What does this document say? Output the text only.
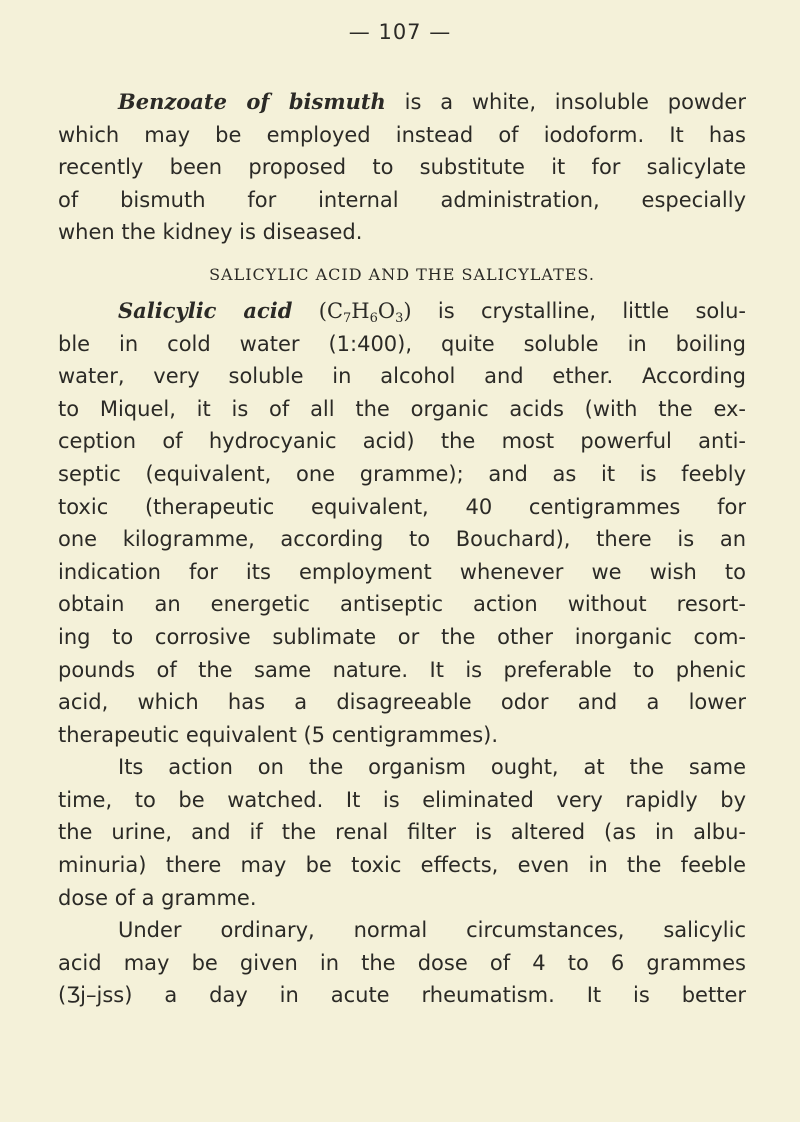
— 107 —
Benzoate of bismuth is a white, insoluble powder
which may be employed instead of iodoform. It has
recently been proposed to substitute it for salicylate
of bismuth for internal administration, especially
when the kidney is diseased.
SALICYLIC ACID AND THE SALICYLATES.
Salicylic acid $(C_7H_6O_3)$ is crystalline, little solu-
ble in cold water (1:400), quite soluble in boiling
water, very soluble in alcohol and ether. According
to Miquel, it is of all the organic acids (with the ex-
ception of hydrocyanic acid) the most powerful anti-
septic (equivalent, one gramme); and as it is feebly
toxic (therapeutic equivalent, 40 centigrammes for
one kilogramme, according to Bouchard), there is an
indication for its employment whenever we wish to
obtain an energetic antiseptic action without resort-
ing to corrosive sublimate or the other inorganic com-
pounds of the same nature. It is preferable to phenic
acid, which has a disagreeable odor and a lower
therapeutic equivalent (5 centigrammes).
Its action on the organism ought, at the same
time, to be watched. It is eliminated very rapidly by
the urine, and if the renal filter is altered (as in albu-
minuria) there may be toxic effects, even in the feeble
dose of a gramme.
Under ordinary, normal circumstances, salicylic
acid may be given in the dose of 4 to 6 grammes
(Ʒj–jss) a day in acute rheumatism. It is better
